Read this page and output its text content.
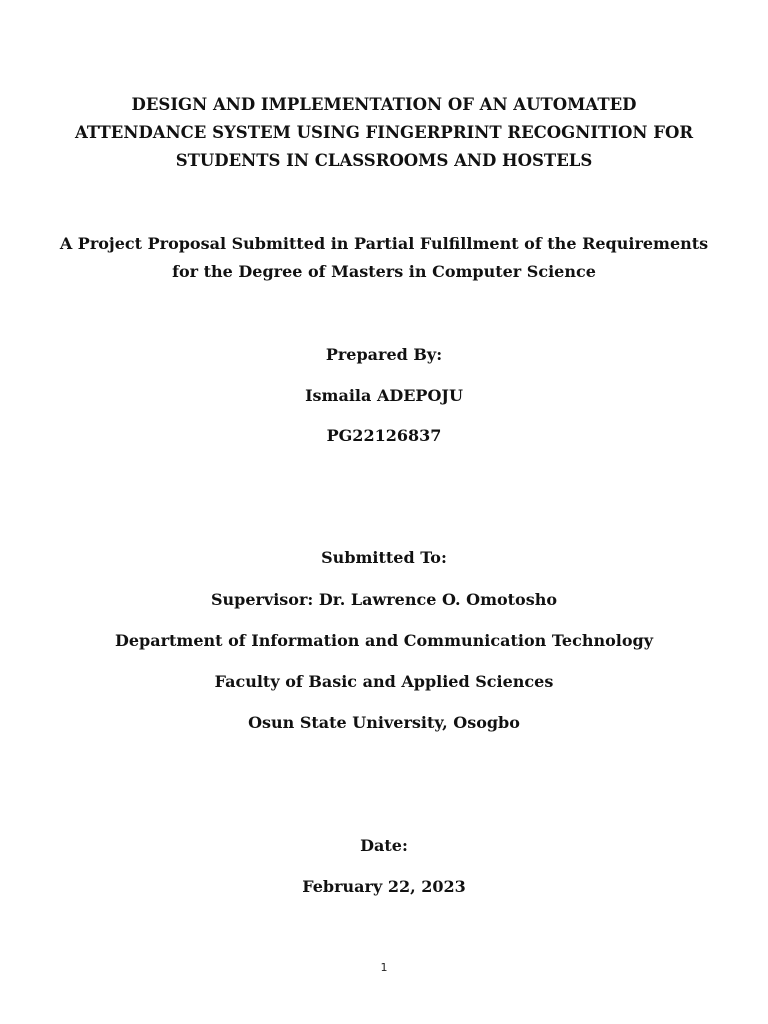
DESIGN AND IMPLEMENTATION OF AN AUTOMATED
ATTENDANCE SYSTEM USING FINGERPRINT RECOGNITION FOR
STUDENTS IN CLASSROOMS AND HOSTELS
A Project Proposal Submitted in Partial Fulfillment of the Requirements
for the Degree of Masters in Computer Science
Prepared By:
Ismaila ADEPOJU
PG22126837
Submitted To:
Supervisor: Dr. Lawrence O. Omotosho
Department of Information and Communication Technology
Faculty of Basic and Applied Sciences
Osun State University, Osogbo
Date:
February 22, 2023
1
